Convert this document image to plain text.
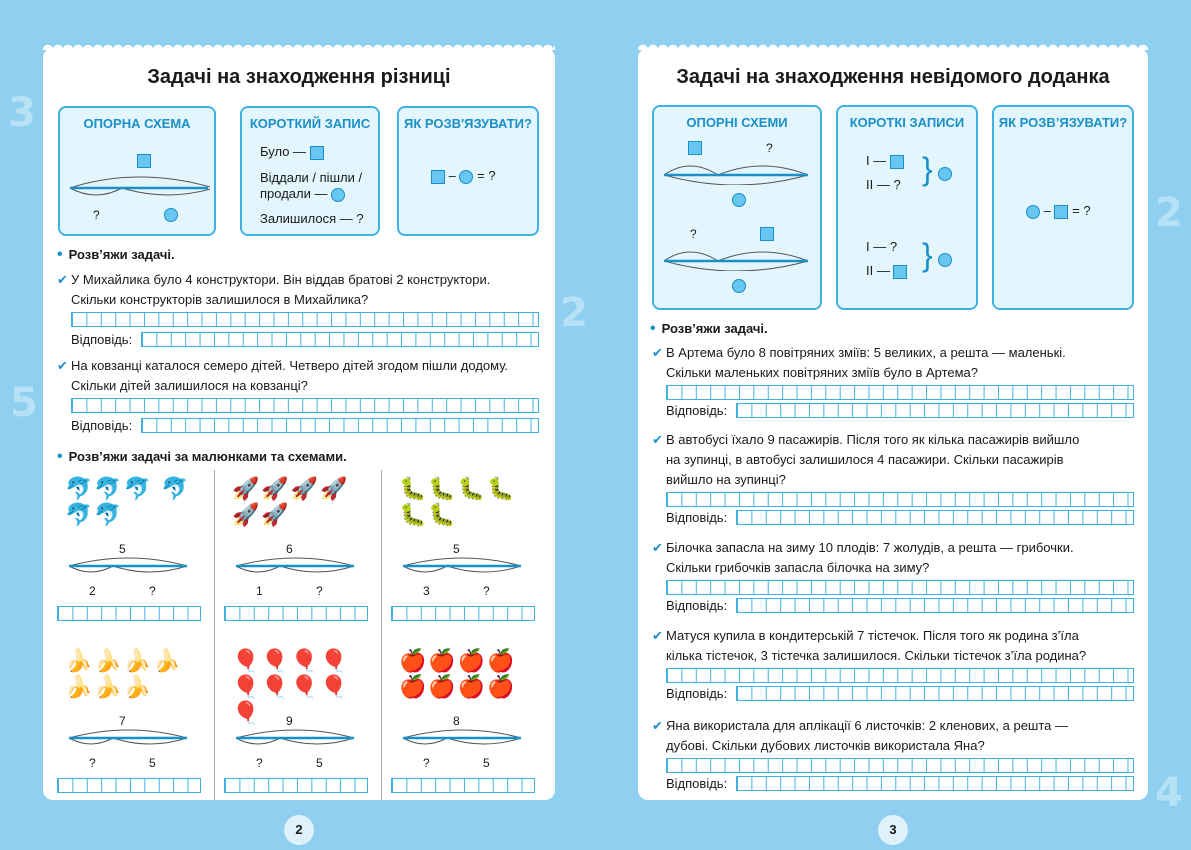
3
5
2
2
4
Задачі на знаходження різниці
ОПОРНА СХЕМА
?
КОРОТКИЙ ЗАПИС
Було —
Віддали / пішли /
продали —
Залишилося — ?
ЯК РОЗВ'ЯЗУВАТИ?
– = ?
• Розв’яжи задачі.
✔ У Михайлика було 4 конструктори. Він віддав братові 2 конструктори.
Скільки конструкторів залишилося в Михайлика?
Відповідь:
✔ На ковзанці каталося семеро дітей. Четверо дітей згодом пішли додому.
Скільки дітей залишилося на ковзанці?
Відповідь:
• Розв’яжи задачі за малюнками та схемами.
🐬🐬🐬 🐬🐬🐬
5
2	?
🚀🚀🚀🚀 🚀🚀
6
1	?
🐛🐛🐛🐛🐛🐛
5
3	?
🍌🍌🍌🍌🍌🍌🍌
7
?	5
🎈🎈🎈🎈🎈🎈🎈🎈🎈	9
?	5
🍎🍎🍎🍎🍎🍎🍎🍎
8
?	5
2
Задачі на знаходження невідомого доданка
ОПОРНІ СХЕМИ
?
?
КОРОТКІ ЗАПИСИ
I —
II — ? }
I — ?
II —	}
ЯК РОЗВ’ЯЗУВАТИ?
– = ?
• Розв’яжи задачі.
✔ В Артема було 8 повітряних зміїв: 5 великих, а решта — маленькі.
Скільки маленьких повітряних зміїв було в Артема?
Відповідь:
✔ В автобусі їхало 9 пасажирів. Після того як кілька пасажирів вийшло
на зупинці, в автобусі залишилося 4 пасажири. Скільки пасажирів
вийшло на зупинці?
Відповідь:
✔ Білочка запасла на зиму 10 плодів: 7 жолудів, а решта — грибочки.
Скільки грибочків запасла білочка на зиму?
Відповідь:
✔ Матуся купила в кондитерській 7 тістечок. Після того як родина з’їла
кілька тістечок, 3 тістечка залишилося. Скільки тістечок з’їла родина?
Відповідь:
✔ Яна використала для аплікації 6 листочків: 2 кленових, а решта —
дубові. Скільки дубових листочків використала Яна?
Відповідь:
3
